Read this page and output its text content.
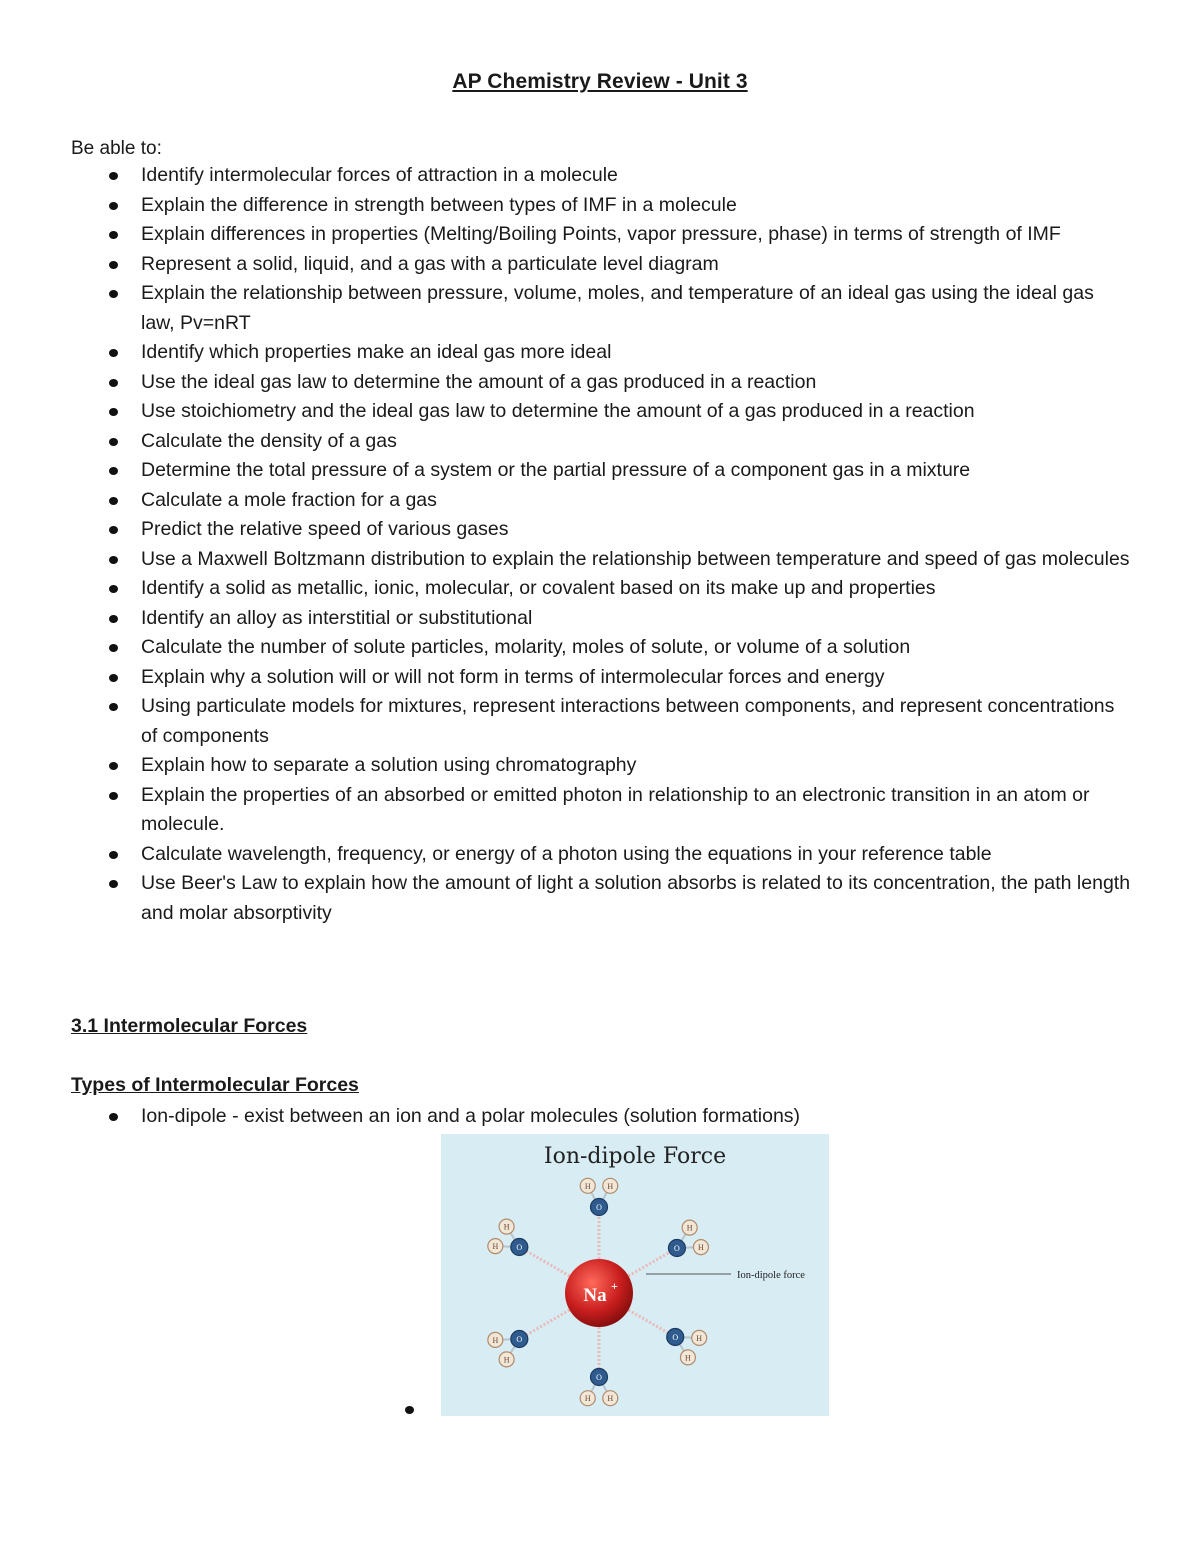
AP Chemistry Review - Unit 3
Be able to:
Identify intermolecular forces of attraction in a molecule
Explain the difference in strength between types of IMF in a molecule
Explain differences in properties (Melting/Boiling Points, vapor pressure, phase) in terms of strength of IMF
Represent a solid, liquid, and a gas with a particulate level diagram
Explain the relationship between pressure, volume, moles, and temperature of an ideal gas using the ideal gas law, Pv=nRT
Identify which properties make an ideal gas more ideal
Use the ideal gas law to determine the amount of a gas produced in a reaction
Use stoichiometry and the ideal gas law to determine the amount of a gas produced in a reaction
Calculate the density of a gas
Determine the total pressure of a system or the partial pressure of a component gas in a mixture
Calculate a mole fraction for a gas
Predict the relative speed of various gases
Use a Maxwell Boltzmann distribution to explain the relationship between temperature and speed of gas molecules
Identify a solid as metallic, ionic, molecular, or covalent based on its make up and properties
Identify an alloy as interstitial or substitutional
Calculate the number of solute particles, molarity, moles of solute, or volume of a solution
Explain why a solution will or will not form in terms of intermolecular forces and energy
Using particulate models for mixtures, represent interactions between components, and represent concentrations of components
Explain how to separate a solution using chromatography
Explain the properties of an absorbed or emitted photon in relationship to an electronic transition in an atom or molecule.
Calculate wavelength, frequency, or energy of a photon using the equations in your reference table
Use Beer's Law to explain how the amount of light a solution absorbs is related to its concentration, the path length and molar absorptivity
3.1 Intermolecular Forces
Types of Intermolecular Forces
Ion-dipole - exist between an ion and a polar molecules (solution formations)
Ion-dipole Force
H H
O
H
H
O
H
H
O
H
H
O
H
H O
H
H
O
Na +
Ion-dipole force
